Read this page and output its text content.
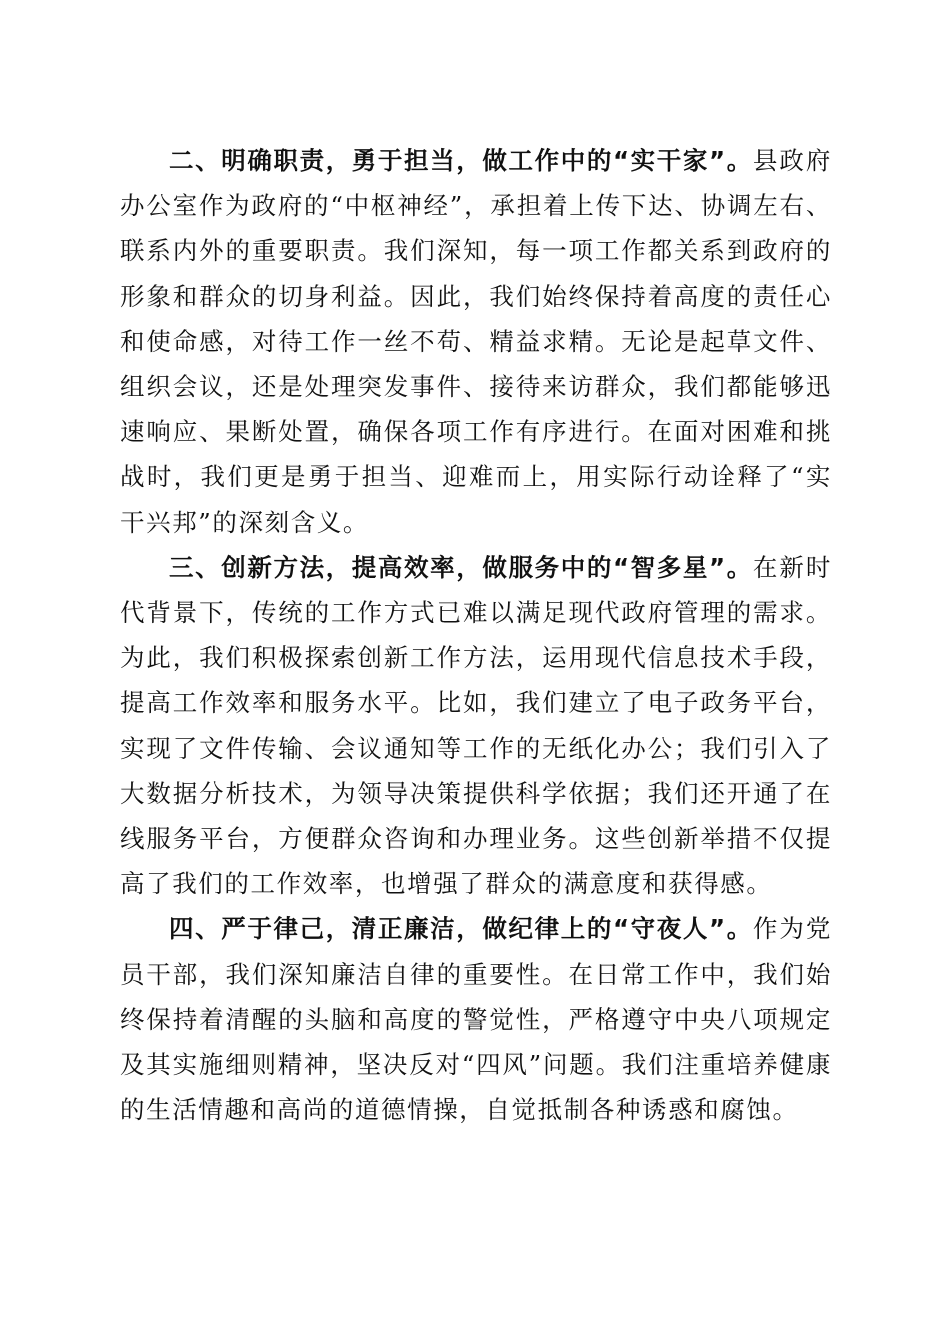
二、明确职责，勇于担当，做工作中的“实干家”。县政府办公室作为政府的“中枢神经”，承担着上传下达、协调左右、联系内外的重要职责。我们深知，每一项工作都关系到政府的形象和群众的切身利益。因此，我们始终保持着高度的责任心和使命感，对待工作一丝不苟、精益求精。无论是起草文件、组织会议，还是处理突发事件、接待来访群众，我们都能够迅速响应、果断处置，确保各项工作有序进行。在面对困难和挑战时，我们更是勇于担当、迎难而上，用实际行动诠释了“实干兴邦”的深刻含义。

三、创新方法，提高效率，做服务中的“智多星”。在新时代背景下，传统的工作方式已难以满足现代政府管理的需求。为此，我们积极探索创新工作方法，运用现代信息技术手段，提高工作效率和服务水平。比如，我们建立了电子政务平台，实现了文件传输、会议通知等工作的无纸化办公；我们引入了大数据分析技术，为领导决策提供科学依据；我们还开通了在线服务平台，方便群众咨询和办理业务。这些创新举措不仅提高了我们的工作效率，也增强了群众的满意度和获得感。

四、严于律己，清正廉洁，做纪律上的“守夜人”。作为党员干部，我们深知廉洁自律的重要性。在日常工作中，我们始终保持着清醒的头脑和高度的警觉性，严格遵守中央八项规定及其实施细则精神，坚决反对“四风”问题。我们注重培养健康的生活情趣和高尚的道德情操，自觉抵制各种诱惑和腐蚀。
